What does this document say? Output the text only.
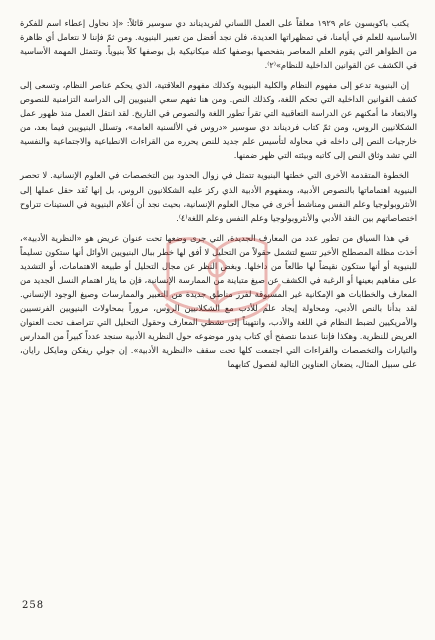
يكتب باكوبسون عام ١٩٢٩ معلقاً على العمل اللساني لفريديناند دي سوسير قائلاً: «إذ نحاول إعطاء اسم للفكرة الأساسية للعلم في أيامنا، في تمظهراتها العديدة، فلن نجد أفضل من تعبير البنيوية. ومن ثمّ فإننا لا نتعامل أي ظاهرة من الظواهر التي يقوم العلم المعاصر بتفحصها بوصفها كتلة ميكانيكية بل بوصفها كلاً بنيوياً. وتتمثل المهمة الأساسية في الكشف عن القوانين الداخلية للنظام»⁽٢⁾.

إن البنيوية تدعو إلى مفهوم النظام والكلية البنيوية وكذلك مفهوم العلاقتية، الذي يحكم عناصر النظام، وتسعى إلى كشف القوانين الداخلية التي تحكم اللغة، وكذلك النص. ومن هنا تفهم سعي البنيويين إلى الدراسة التزامنية للنصوص والابتعاد ما أمكنهم عن الدراسة التعاقبية التي تقرأ تطور اللغة والنصوص في التاريخ. لقد انتقل العمل منذ ظهور عمل الشكلانيين الروس، ومن ثمّ كتاب فرديناند دي سوسير «دروس في الألسنية العامة»، وتسلل البنيويين فيما بعد، من خارجيات النص إلى داخله في محاولة لتأسيس علم جديد للنص يحرره من القراءات الانطباعية والاجتماعية والنفسية التي تشد وثاق النص إلى كاتبه وبيئته التي ظهر ضمنها.

الخطوة المتقدمة الأخرى التي خطتها البنيوية تتمثل في زوال الحدود بين التخصصات في العلوم الإنسانية. لا تحصر البنيوية اهتماماتها بالنصوص الأدبية، وبمفهوم الأدبية الذي ركز عليه الشكلانيون الروس، بل إنها تُقد حقل عملها إلى الأنثروبولوجيا وعلم النفس ومناشط أخرى في مجال العلوم الإنسانية، بحيث نجد أن أعلام البنيوية في الستينات تتراوح اختصاصاتهم بين النقد الأدبي والأنثروبولوجيا وعلم النفس وعلم اللغة⁽٤⁾.

في هذا السياق من تطور عدد من المعارف الجديدة، التي جرى وضعها تحت عنوان عريض هو «النظرية الأدبية»، أخذت مظلة المصطلح الأخير تتسع لتشمل حقولاً من التحليل لا أفق لها خطر ببال البنيويين الأوائل أنها ستكون تسليماً للبنيوية أو أنها ستكون نقيضاً لها طالعاً من داخلها. وبغض النظر عن مجال التحليل أو طبيعة الاهتمامات، أو التشديد على مفاهيم بعينها أو الرغبة في الكشف عن صيغ متباينة من الممارسة الإنسانية، فإن ما يثار اهتمام النسل الجديد من المعارف والخطابات هو الإمكانية غير المسبوقة لفرز مناطق جديدة من التعبير والممارسات وصيغ الوجود الإنساني. لقد بدأنا بالنص الأدبي، ومحاولة إيجاد علم للأدب مع الشكلانيين الروس، مروراً بمحاولات البنيويين الفرنسيين والأمريكيين لضبط النظام في اللغة والأدب، وانتهيناً إلى تشظي المعارف وحقول التحليل التي تتراصف تحت العنوان العريض للنظرية. وهكذا فإننا عندما نتصفح أي كتاب يدور موضوعه حول النظرية الأدبية سنجد عدداً كبيراً من المدارس والتيارات والتخصصات والقراءات التي اجتمعت كلها تحت سقف «النظرية الأدبية». إن جولي ريفكن ومايكل رايان، على سبيل المثال، يضعان العناوين التالية لفصول كتابهما

258
